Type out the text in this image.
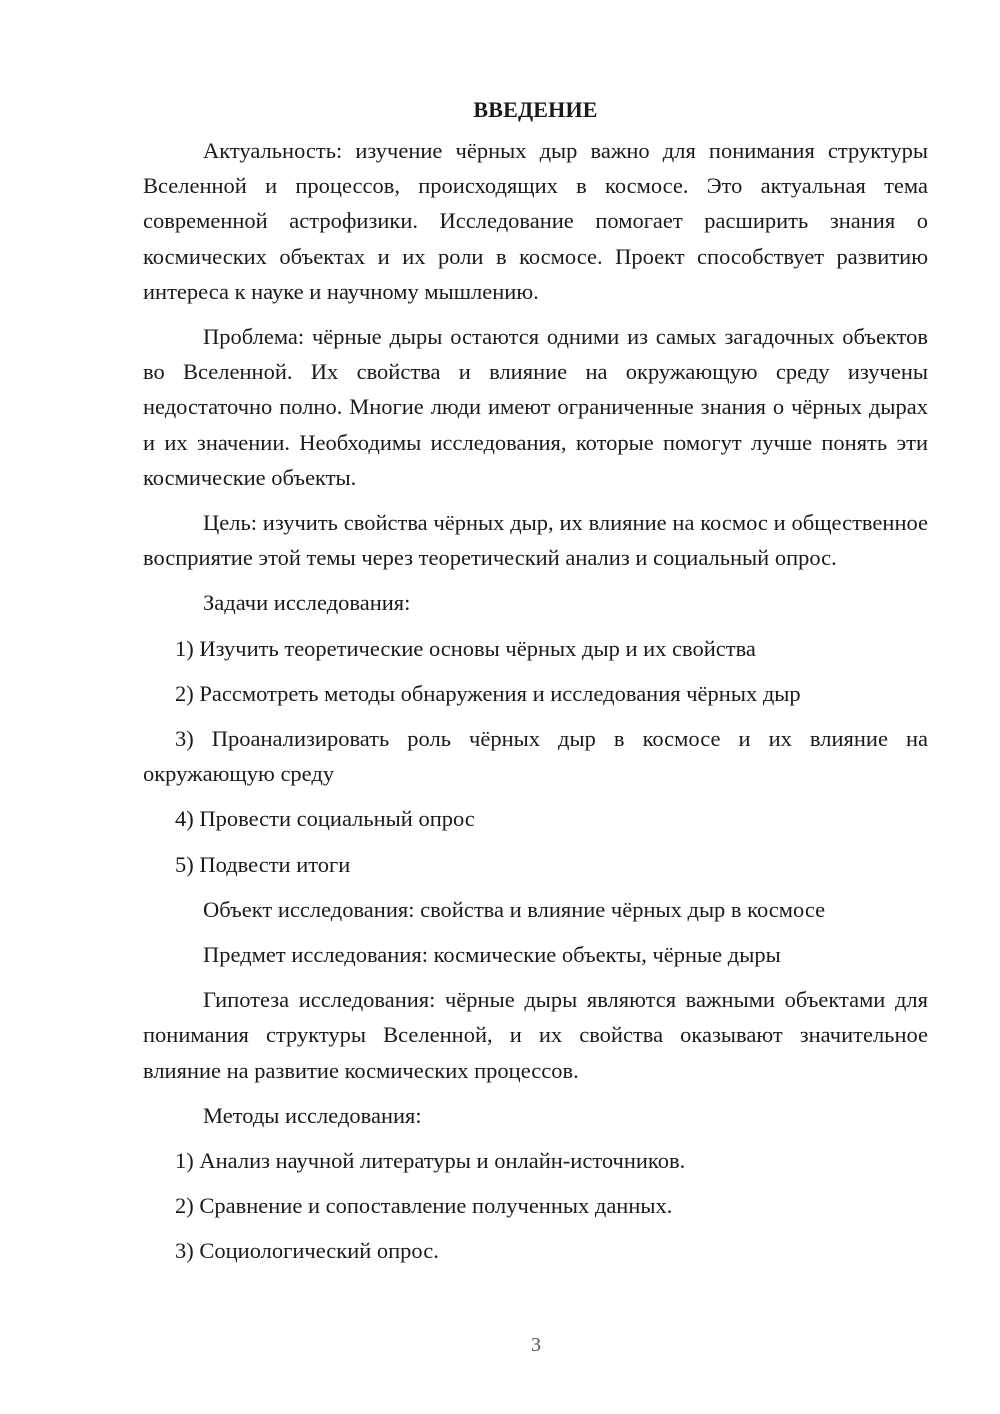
ВВЕДЕНИЕ

Актуальность: изучение чёрных дыр важно для понимания структуры Вселенной и процессов, происходящих в космосе. Это актуальная тема современной астрофизики. Исследование помогает расширить знания о космических объектах и их роли в космосе. Проект способствует развитию интереса к науке и научному мышлению.

Проблема: чёрные дыры остаются одними из самых загадочных объектов во Вселенной. Их свойства и влияние на окружающую среду изучены недостаточно полно. Многие люди имеют ограниченные знания о чёрных дырах и их значении. Необходимы исследования, которые помогут лучше понять эти космические объекты.

Цель: изучить свойства чёрных дыр, их влияние на космос и общественное восприятие этой темы через теоретический анализ и социальный опрос.

Задачи исследования:

1) Изучить теоретические основы чёрных дыр и их свойства

2) Рассмотреть методы обнаружения и исследования чёрных дыр

3) Проанализировать роль чёрных дыр в космосе и их влияние на окружающую среду

4) Провести социальный опрос

5) Подвести итоги

Объект исследования: свойства и влияние чёрных дыр в космосе

Предмет исследования: космические объекты, чёрные дыры

Гипотеза исследования: чёрные дыры являются важными объектами для понимания структуры Вселенной, и их свойства оказывают значительное влияние на развитие космических процессов.

Методы исследования:

1) Анализ научной литературы и онлайн-источников.

2) Сравнение и сопоставление полученных данных.

3) Социологический опрос.

3
